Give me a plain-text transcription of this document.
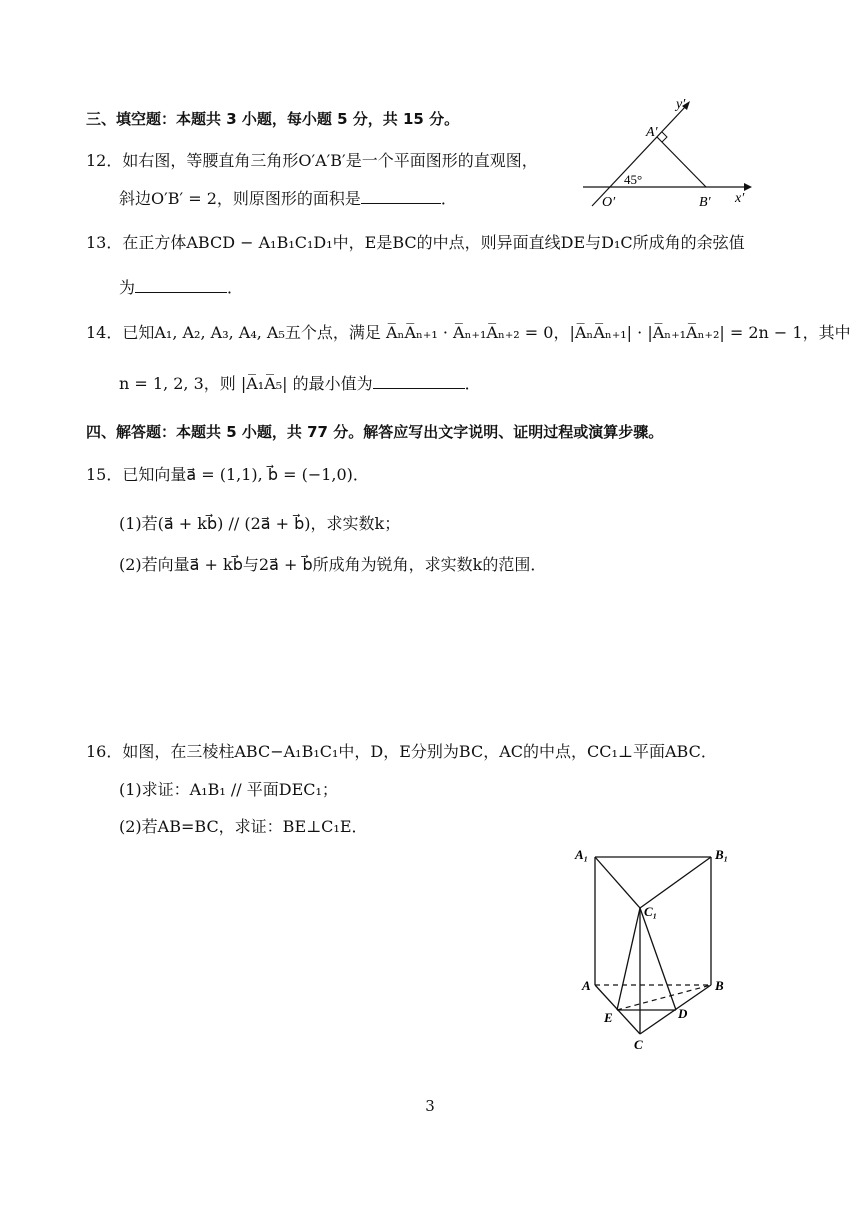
三、填空题：本题共 3 小题，每小题 5 分，共 15 分。
12．如右图，等腰直角三角形O′A′B′是一个平面图形的直观图，
斜边O′B′ = 2，则原图形的面积是	．
y′
A′
45°
O′	B′ x′
13．在正方体ABCD − A₁B₁C₁D₁中，E是BC的中点，则异面直线DE与D₁C所成角的余弦值
为	．
14．已知A₁, A₂, A₃, A₄, A₅五个点，满足 A̅ₙA̅ₙ₊₁ · A̅ₙ₊₁A̅ₙ₊₂ = 0，|A̅ₙA̅ₙ₊₁| · |A̅ₙ₊₁A̅ₙ₊₂| = 2n − 1，其中
n = 1, 2, 3，则 |A̅₁A̅₅| 的最小值为	．
四、解答题：本题共 5 小题，共 77 分。解答应写出文字说明、证明过程或演算步骤。
15．已知向量a⃗ = (1,1), b⃗ = (−1,0)．
(1)若(a⃗ + kb⃗) // (2a⃗ + b⃗)，求实数k；
(2)若向量a⃗ + kb⃗与2a⃗ + b⃗所成角为锐角，求实数k的范围．
16．如图，在三棱柱ABC−A₁B₁C₁中，D，E分别为BC，AC的中点，CC₁⊥平面ABC．
(1)求证：A₁B₁ // 平面DEC₁；
(2)若AB=BC，求证：BE⊥C₁E．
A₁	B₁
C₁
A	B
E	D
C
3
